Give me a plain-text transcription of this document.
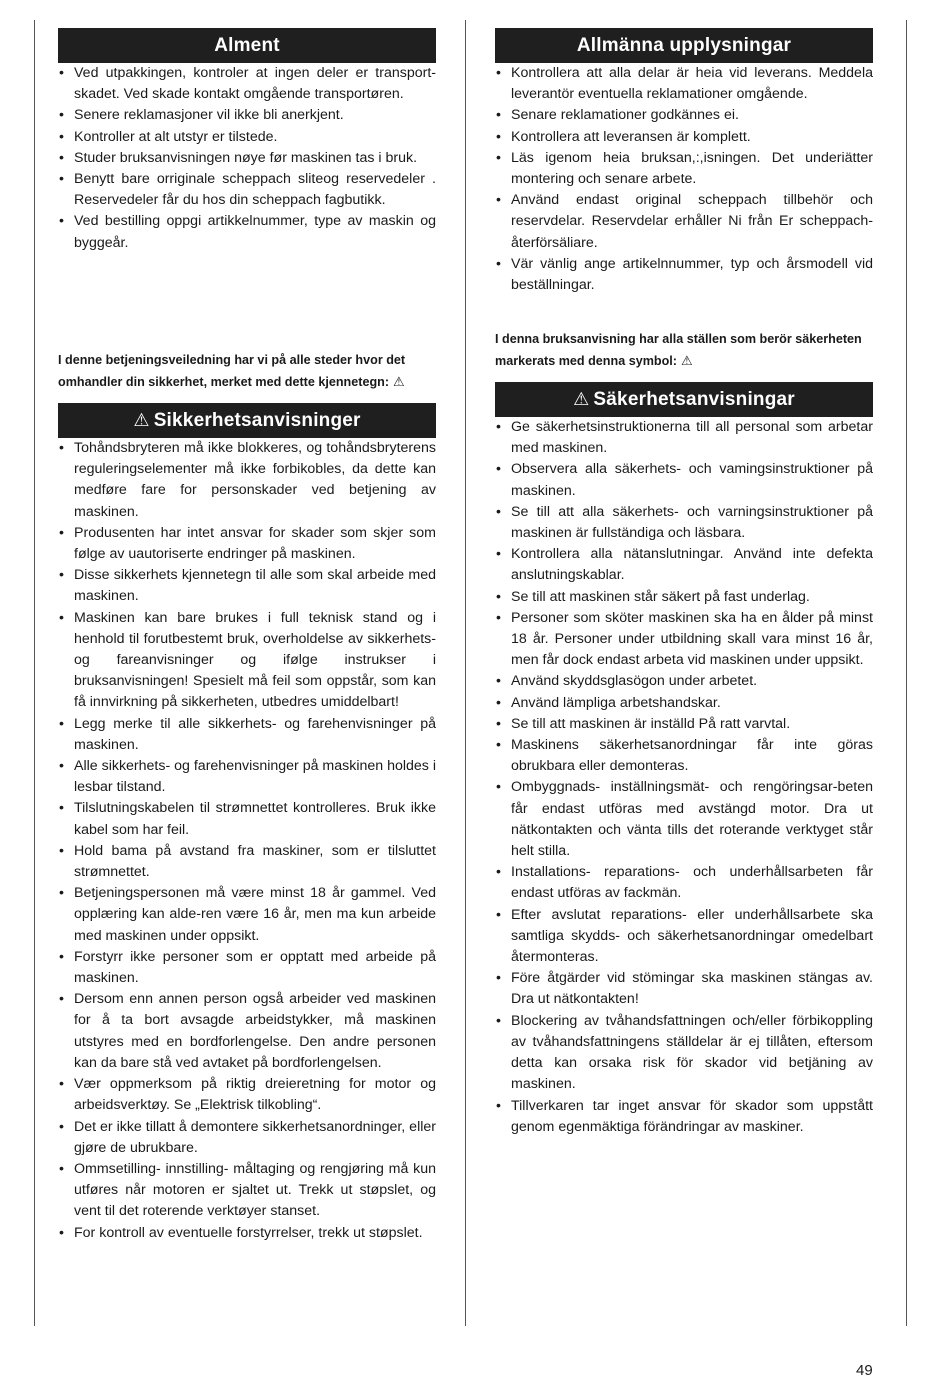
Alment
• Ved utpakkingen, kontroler at ingen deler er transport-skadet. Ved skade kontakt omgående transportøren.
• Senere reklamasjoner vil ikke bli anerkjent.
• Kontroller at alt utstyr er tilstede.
• Studer bruksanvisningen nøye før maskinen tas i bruk.
• Benytt bare orriginale scheppach sliteog reservedeler . Reservedeler får du hos din scheppach fagbutikk.
• Ved bestilling oppgi artikkelnummer, type av maskin og byggeår.
I denne betjeningsveiledning har vi på alle steder hvor det omhandler din sikkerhet, merket med dette kjennetegn: ⚠
⚠ Sikkerhetsanvisninger
• Tohåndsbryteren må ikke blokkeres, og tohåndsbryterens reguleringselementer må ikke forbikobles, da dette kan medføre fare for personskader ved betjening av maskinen.
• Produsenten har intet ansvar for skader som skjer som følge av uautoriserte endringer på maskinen.
• Disse sikkerhets kjennetegn til alle som skal arbeide med maskinen.
• Maskinen kan bare brukes i full teknisk stand og i henhold til forutbestemt bruk, overholdelse av sikkerhets- og fareanvisninger og ifølge instrukser i bruksanvisningen! Spesielt må feil som oppstår, som kan få innvirkning på sikkerheten, utbedres umiddelbart!
• Legg merke til alle sikkerhets- og farehenvisninger på maskinen.
• Alle sikkerhets- og farehenvisninger på maskinen holdes i lesbar tilstand.
• Tilslutningskabelen til strømnettet kontrolleres. Bruk ikke kabel som har feil.
• Hold bama på avstand fra maskiner, som er tilsluttet strømnettet.
• Betjeningspersonen må være minst 18 år gammel. Ved opplæring kan alde-ren være 16 år, men ma kun arbeide med maskinen under oppsikt.
• Forstyrr ikke personer som er opptatt med arbeide på maskinen.
• Dersom enn annen person også arbeider ved maskinen for å ta bort avsagde arbeidstykker, må maskinen utstyres med en bordforlengelse. Den andre personen kan da bare stå ved avtaket på bordforlengelsen.
• Vær oppmerksom på riktig dreieretning for motor og arbeidsverktøy. Se „Elektrisk tilkobling“.
• Det er ikke tillatt å demontere sikkerhetsanordninger, eller gjøre de ubrukbare.
• Ommsetilling- innstilling- måltaging og rengjøring må kun utføres når motoren er sjaltet ut. Trekk ut støpslet, og vent til det roterende verktøyer stanset.
• For kontroll av eventuelle forstyrrelser, trekk ut støpslet.
Allmänna upplysningar
• Kontrollera att alla delar är heia vid leverans. Meddela leverantör eventuella reklamationer omgående.
• Senare reklamationer godkännes ei.
• Kontrollera att leveransen är komplett.
• Läs igenom heia bruksan,:,isningen. Det underiätter montering och senare arbete.
• Använd endast original scheppach tillbehör och reservdelar. Reservdelar erhåller Ni från Er scheppach-återförsäliare.
• Vär vänlig ange artikelnnummer, typ och årsmodell vid beställningar.
I denna bruksanvisning har alla ställen som berör säkerheten markerats med denna symbol: ⚠
⚠ Säkerhetsanvisningar
• Ge säkerhetsinstruktionerna till all personal som arbetar med maskinen.
• Observera alla säkerhets- och vamingsinstruktioner på maskinen.
• Se till att alla säkerhets- och varningsinstruktioner på maskinen är fullständiga och läsbara.
• Kontrollera alla nätanslutningar. Använd inte defekta anslutningskablar.
• Se till att maskinen står säkert på fast underlag.
• Personer som sköter maskinen ska ha en ålder på minst 18 år. Personer under utbildning skall vara minst 16 år, men får dock endast arbeta vid maskinen under uppsikt.
• Använd skyddsglasögon under arbetet.
• Använd lämpliga arbetshandskar.
• Se till att maskinen är inställd På ratt varvtal.
• Maskinens säkerhetsanordningar får inte göras obrukbara eller demonteras.
• Ombyggnads- inställningsmät- och rengöringsar-beten får endast utföras med avstängd motor. Dra ut nätkontakten och vänta tills det roterande verktyget står helt stilla.
• Installations- reparations- och underhållsarbeten får endast utföras av fackmän.
• Efter avslutat reparations- eller underhållsarbete ska samtliga skydds- och säkerhetsanordningar omedelbart återmonteras.
• Före åtgärder vid stömingar ska maskinen stängas av. Dra ut nätkontakten!
• Blockering av tvåhandsfattningen och/eller förbikoppling av tvåhandsfattningens ställdelar är ej tillåten, eftersom detta kan orsaka risk för skador vid betjäning av maskinen.
• Tillverkaren tar inget ansvar för skador som uppstått genom egenmäktiga förändringar av maskiner.
49
